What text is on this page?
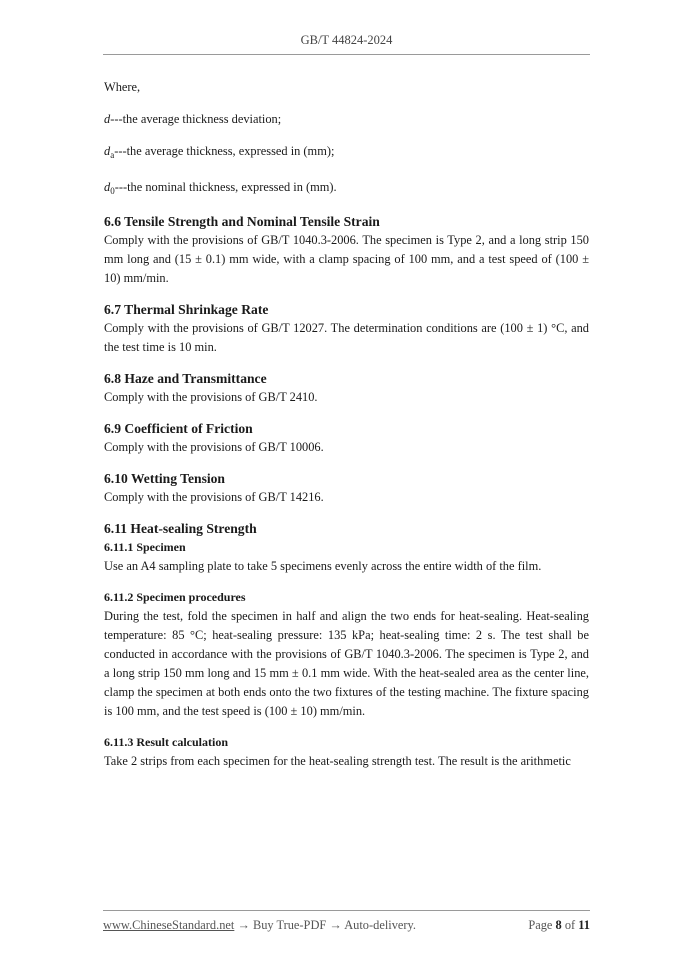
GB/T 44824-2024

Where,

d---the average thickness deviation;

$d_a--$-the average thickness, expressed in (mm);

$d_0--$-the nominal thickness, expressed in (mm).

6.6 Tensile Strength and Nominal Tensile Strain

Comply with the provisions of GB/T 1040.3-2006. The specimen is Type 2, and a long strip 150 mm long and (15 ± 0.1) mm wide, with a clamp spacing of 100 mm, and a test speed of (100 ± 10) mm/min.

6.7 Thermal Shrinkage Rate

Comply with the provisions of GB/T 12027. The determination conditions are (100 ± 1) °C, and the test time is 10 min.

6.8 Haze and Transmittance

Comply with the provisions of GB/T 2410.

6.9 Coefficient of Friction

Comply with the provisions of GB/T 10006.

6.10 Wetting Tension

Comply with the provisions of GB/T 14216.

6.11 Heat-sealing Strength

6.11.1 Specimen

Use an A4 sampling plate to take 5 specimens evenly across the entire width of the film.

6.11.2 Specimen procedures

During the test, fold the specimen in half and align the two ends for heat-sealing. Heat-sealing temperature: 85 °C; heat-sealing pressure: 135 kPa; heat-sealing time: 2 s. The test shall be conducted in accordance with the provisions of GB/T 1040.3-2006. The specimen is Type 2, and a long strip 150 mm long and 15 mm ± 0.1 mm wide. With the heat-sealed area as the center line, clamp the specimen at both ends onto the two fixtures of the testing machine. The fixture spacing is 100 mm, and the test speed is (100 ± 10) mm/min.

6.11.3 Result calculation

Take 2 strips from each specimen for the heat-sealing strength test. The result is the arithmetic

www.ChineseStandard.net → Buy True-PDF → Auto-delivery.	Page 8 of 11
